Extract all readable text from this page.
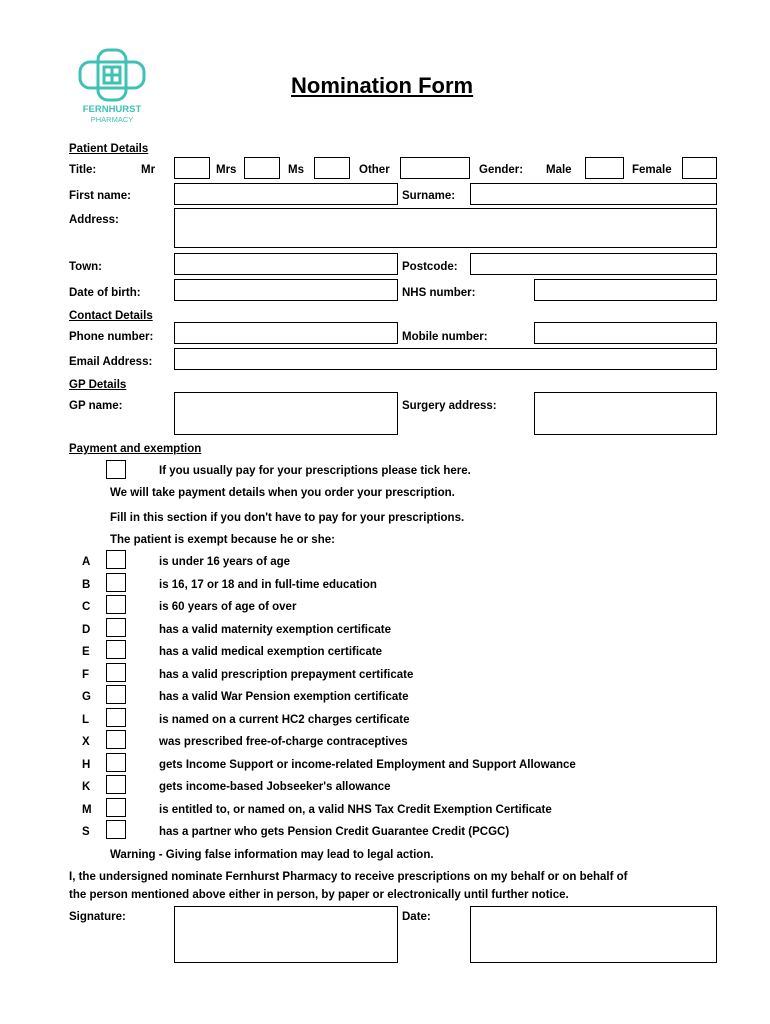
FERNHURST
PHARMACY
Nomination Form
Patient Details
Title:	Mr	Mrs	Ms	Other	Gender: Male	Female
First name:	Surname:
Address:
Town:	Postcode:
Date of birth:	NHS number:
Contact Details
Phone number:	Mobile number:
Email Address:
GP Details
GP name:	Surgery address:
Payment and exemption
If you usually pay for your prescriptions please tick here.
We will take payment details when you order your prescription.
Fill in this section if you don't have to pay for your prescriptions.
The patient is exempt because he or she:
A	is under 16 years of age
B	is 16, 17 or 18 and in full-time education
C	is 60 years of age of over
D	has a valid maternity exemption certificate
E	has a valid medical exemption certificate
F	has a valid prescription prepayment certificate
G	has a valid War Pension exemption certificate
L	is named on a current HC2 charges certificate
X	was prescribed free-of-charge contraceptives
H	gets Income Support or income-related Employment and Support Allowance
K	gets income-based Jobseeker's allowance
M	is entitled to, or named on, a valid NHS Tax Credit Exemption Certificate
S	has a partner who gets Pension Credit Guarantee Credit (PCGC)
Warning - Giving false information may lead to legal action.
I, the undersigned nominate Fernhurst Pharmacy to receive prescriptions on my behalf or on behalf of
the person mentioned above either in person, by paper or electronically until further notice.
Signature:	Date:
